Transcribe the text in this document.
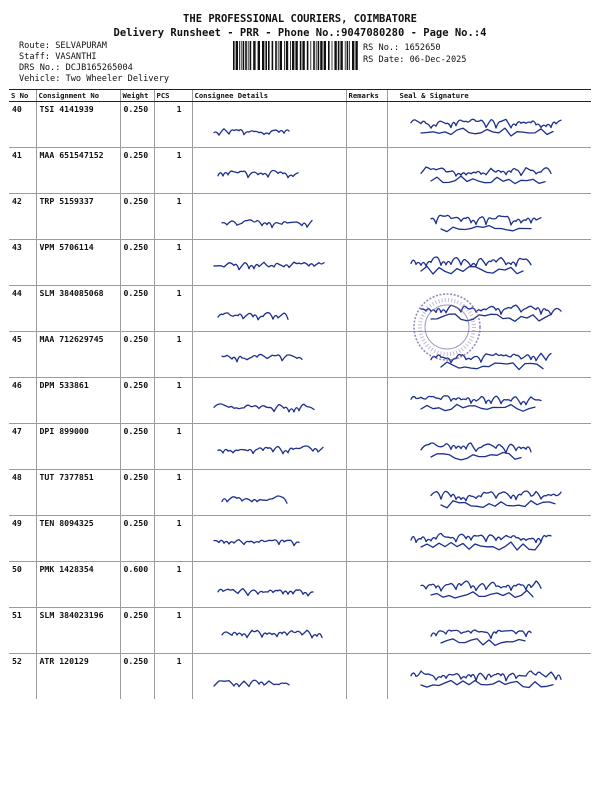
THE PROFESSIONAL COURIERS, COIMBATORE
Delivery Runsheet - PRR - Phone No.:9047080280 - Page No.:4
Route: SELVAPURAM
Staff: VASANTHI
DRS No.: DCJB165265004
Vehicle: Two Wheeler Delivery
RS No.: 1652650
RS Date: 06-Dec-2025
S No	Consignment No	Weight	PCS	Consignee Details	Remarks	Seal & Signature
40	TSI 4141939	0.250	1	

41	MAA 651547152	0.250	1	

42	TRP 5159337	0.250	1	

43	VPM 5706114	0.250	1	

44	SLM 384085068	0.250	1	

45	MAA 712629745	0.250	1	

46	DPM 533861	0.250	1	

47	DPI 899000	0.250	1	

48	TUT 7377851	0.250	1	

49	TEN 8094325	0.250	1	

50	PMK 1428354	0.600	1	

51	SLM 384023196	0.250	1	

52	ATR 120129	0.250	1	
